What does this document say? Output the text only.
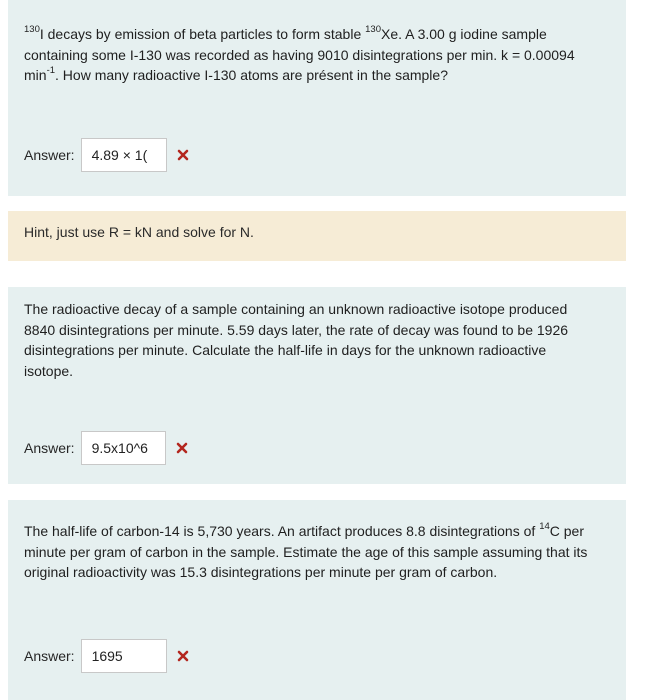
$^{130}$I decays by emission of beta particles to form stable $^{130}$Xe. A 3.00 g iodine sample
containing some I-130 was recorded as having 9010 disintegrations per min. k = 0.00094
$\min^{-1}$. How many radioactive I-130 atoms are présent in the sample?
Answer:	4.89 × 1(
Hint, just use R = kN and solve for N.
The radioactive decay of a sample containing an unknown radioactive isotope produced
8840 disintegrations per minute. 5.59 days later, the rate of decay was found to be 1926
disintegrations per minute. Calculate the half-life in days for the unknown radioactive
isotope.
Answer:	9.5x10^6
The half-life of carbon-14 is 5,730 years. An artifact produces 8.8 disintegrations of $^{14}$C per
minute per gram of carbon in the sample. Estimate the age of this sample assuming that its
original radioactivity was 15.3 disintegrations per minute per gram of carbon.
Answer:	1695
